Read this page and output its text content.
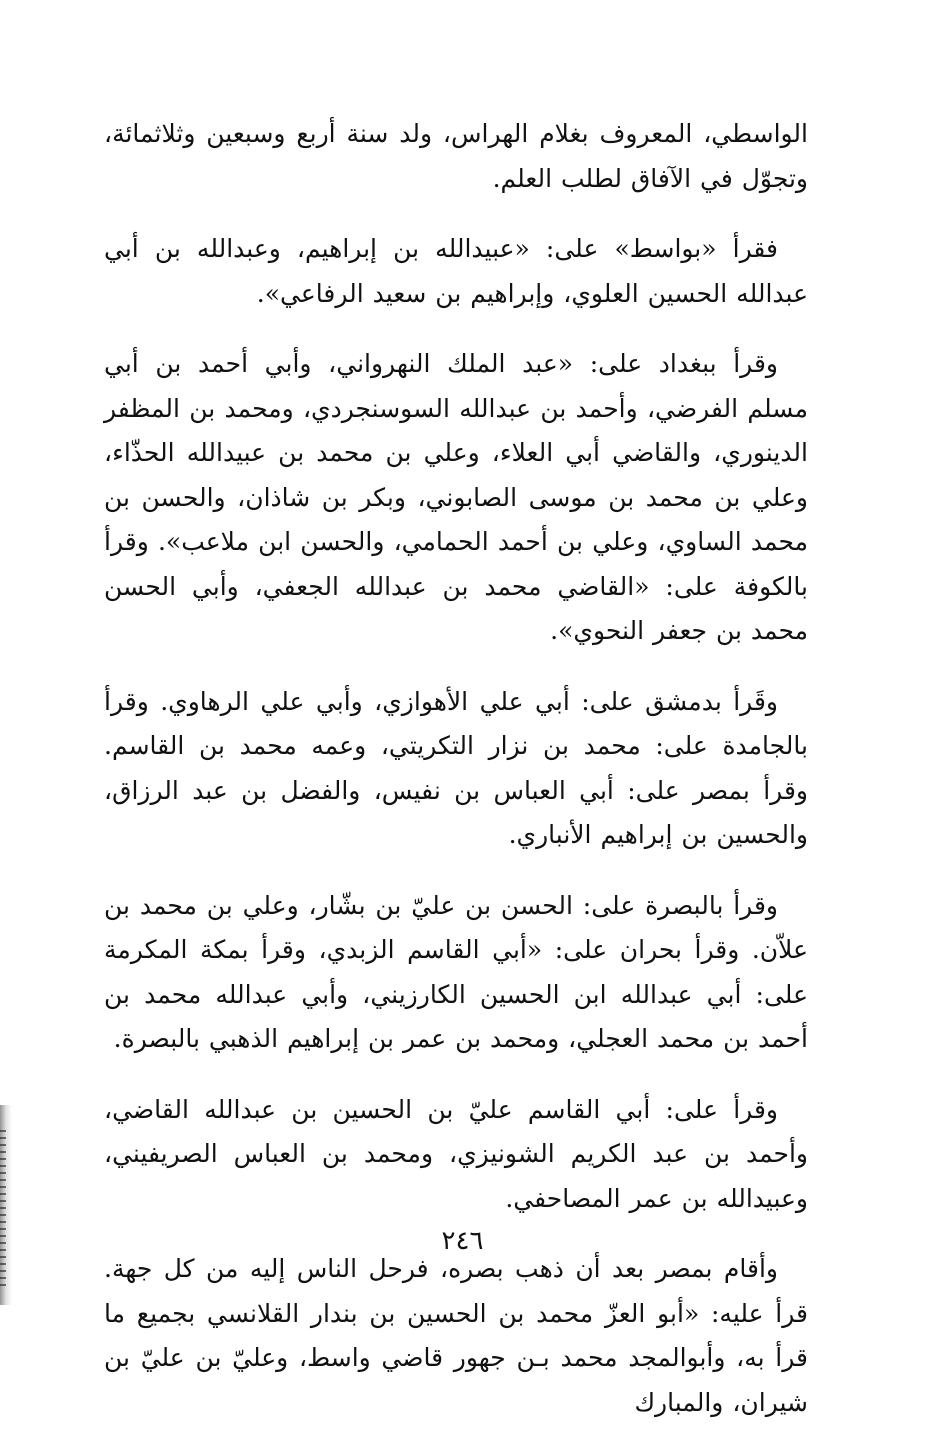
الواسطي، المعروف بغلام الهراس، ولد سنة أربع وسبعين وثلاثمائة، وتجوّل في الآفاق لطلب العلم.

فقرأ «بواسط» على: «عبيدالله بن إبراهيم، وعبدالله بن أبي عبدالله الحسين العلوي، وإبراهيم بن سعيد الرفاعي».

وقرأ ببغداد على: «عبد الملك النهرواني، وأبي أحمد بن أبي مسلم الفرضي، وأحمد بن عبدالله السوسنجردي، ومحمد بن المظفر الدينوري، والقاضي أبي العلاء، وعلي بن محمد بن عبيدالله الحذّاء، وعلي بن محمد بن موسى الصابوني، وبكر بن شاذان، والحسن بن محمد الساوي، وعلي بن أحمد الحمامي، والحسن ابن ملاعب». وقرأ بالكوفة على: «القاضي محمد بن عبدالله الجعفي، وأبي الحسن محمد بن جعفر النحوي».

وقَرأ بدمشق على: أبي علي الأهوازي، وأبي علي الرهاوي. وقرأ بالجامدة على: محمد بن نزار التكريتي، وعمه محمد بن القاسم. وقرأ بمصر على: أبي العباس بن نفيس، والفضل بن عبد الرزاق، والحسين بن إبراهيم الأنباري.

وقرأ بالبصرة على: الحسن بن عليّ بن بشّار، وعلي بن محمد بن علاّن. وقرأ بحران على: «أبي القاسم الزبدي، وقرأ بمكة المكرمة على: أبي عبدالله ابن الحسين الكارزيني، وأبي عبدالله محمد بن أحمد بن محمد العجلي، ومحمد بن عمر بن إبراهيم الذهبي بالبصرة.

وقرأ على: أبي القاسم عليّ بن الحسين بن عبدالله القاضي، وأحمد بن عبد الكريم الشونيزي، ومحمد بن العباس الصريفيني، وعبيدالله بن عمر المصاحفي.

وأقام بمصر بعد أن ذهب بصره، فرحل الناس إليه من كل جهة. قرأ عليه: «أبو العزّ محمد بن الحسين بن بندار القلانسي بجميع ما قرأ به، وأبوالمجد محمد بـن جهور قاضي واسط، وعليّ بن عليّ بن شيران، والمبارك

٢٤٦
